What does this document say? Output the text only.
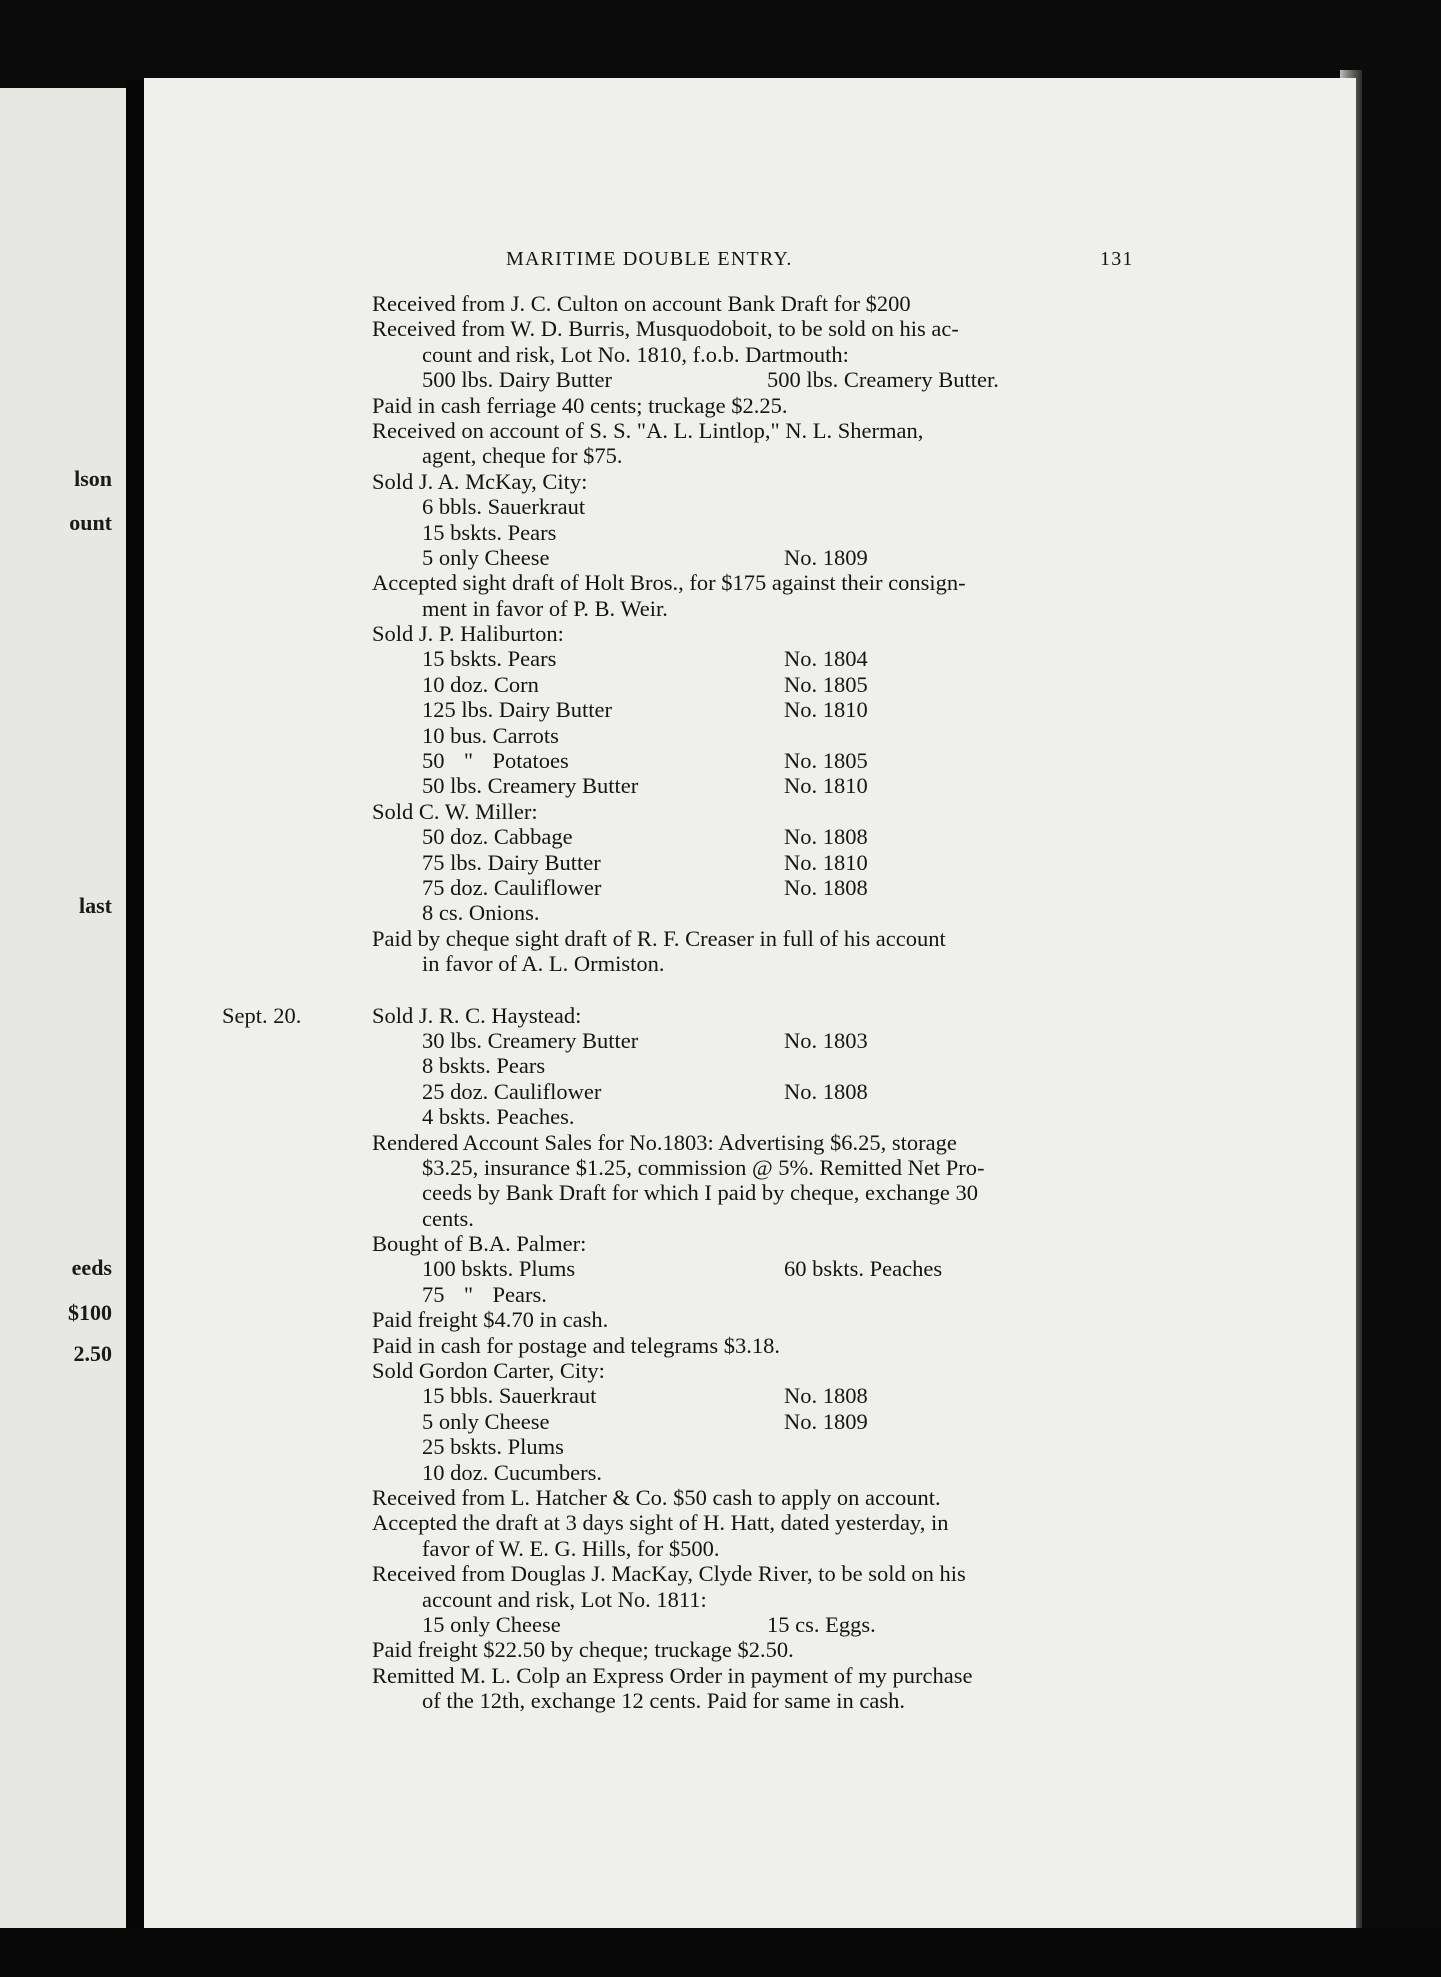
lson
ount
last
eeds
$100
2.50
MARITIME DOUBLE ENTRY.	131
Received from J. C. Culton on account Bank Draft for $200
Received from W. D. Burris, Musquodoboit, to be sold on his ac-
count and risk, Lot No. 1810, f.o.b. Dartmouth:
500 lbs. Dairy Butter	500 lbs. Creamery Butter.
Paid in cash ferriage 40 cents; truckage $2.25.
Received on account of S. S. "A. L. Lintlop," N. L. Sherman,
agent, cheque for $75.
Sold J. A. McKay, City:
6 bbls. Sauerkraut
15 bskts. Pears
5 only Cheese	No. 1809
Accepted sight draft of Holt Bros., for $175 against their consign-
ment in favor of P. B. Weir.
Sold J. P. Haliburton:
15 bskts. Pears	No. 1804
10 doz. Corn	No. 1805
125 lbs. Dairy Butter	No. 1810
10 bus. Carrots
50 " Potatoes	No. 1805
50 lbs. Creamery Butter	No. 1810
Sold C. W. Miller:
50 doz. Cabbage	No. 1808
75 lbs. Dairy Butter	No. 1810
75 doz. Cauliflower	No. 1808
8 cs. Onions.
Paid by cheque sight draft of R. F. Creaser in full of his account
in favor of A. L. Ormiston.
Sept. 20.	Sold J. R. C. Haystead:
30 lbs. Creamery Butter	No. 1803
8 bskts. Pears
25 doz. Cauliflower	No. 1808
4 bskts. Peaches.
Rendered Account Sales for No.1803: Advertising $6.25, storage
$3.25, insurance $1.25, commission @ 5%. Remitted Net Pro-
ceeds by Bank Draft for which I paid by cheque, exchange 30
cents.
Bought of B.A. Palmer:
100 bskts. Plums	60 bskts. Peaches
75 " Pears.
Paid freight $4.70 in cash.
Paid in cash for postage and telegrams $3.18.
Sold Gordon Carter, City:
15 bbls. Sauerkraut	No. 1808
5 only Cheese	No. 1809
25 bskts. Plums
10 doz. Cucumbers.
Received from L. Hatcher & Co. $50 cash to apply on account.
Accepted the draft at 3 days sight of H. Hatt, dated yesterday, in
favor of W. E. G. Hills, for $500.
Received from Douglas J. MacKay, Clyde River, to be sold on his
account and risk, Lot No. 1811:
15 only Cheese	15 cs. Eggs.
Paid freight $22.50 by cheque; truckage $2.50.
Remitted M. L. Colp an Express Order in payment of my purchase
of the 12th, exchange 12 cents. Paid for same in cash.
